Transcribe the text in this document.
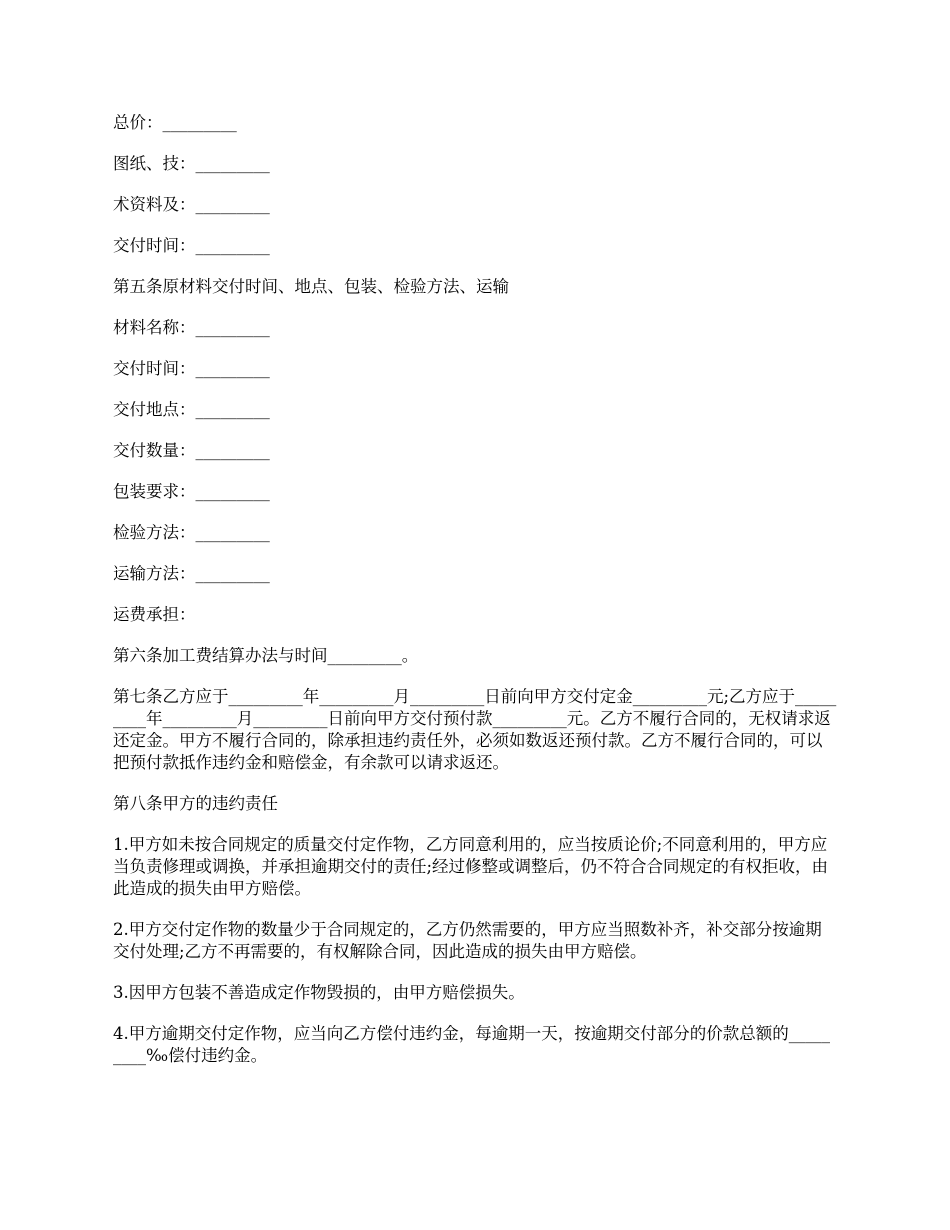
总价：_________

图纸、技：_________

术资料及：_________

交付时间：_________

第五条原材料交付时间、地点、包装、检验方法、运输

材料名称：_________

交付时间：_________

交付地点：_________

交付数量：_________

包装要求：_________

检验方法：_________

运输方法：_________

运费承担：

第六条加工费结算办法与时间_________。

第七条乙方应于_________年_________月_________日前向甲方交付定金_________元;乙方应于_________年_________月_________日前向甲方交付预付款_________元。乙方不履行合同的，无权请求返还定金。甲方不履行合同的，除承担违约责任外，必须如数返还预付款。乙方不履行合同的，可以把预付款抵作违约金和赔偿金，有余款可以请求返还。

第八条甲方的违约责任

1.甲方如未按合同规定的质量交付定作物，乙方同意利用的，应当按质论价;不同意利用的，甲方应当负责修理或调换，并承担逾期交付的责任;经过修整或调整后，仍不符合合同规定的有权拒收，由此造成的损失由甲方赔偿。

2.甲方交付定作物的数量少于合同规定的，乙方仍然需要的，甲方应当照数补齐，补交部分按逾期交付处理;乙方不再需要的，有权解除合同，因此造成的损失由甲方赔偿。

3.因甲方包装不善造成定作物毁损的，由甲方赔偿损失。

4.甲方逾期交付定作物，应当向乙方偿付违约金，每逾期一天，按逾期交付部分的价款总额的_________‰偿付违约金。
